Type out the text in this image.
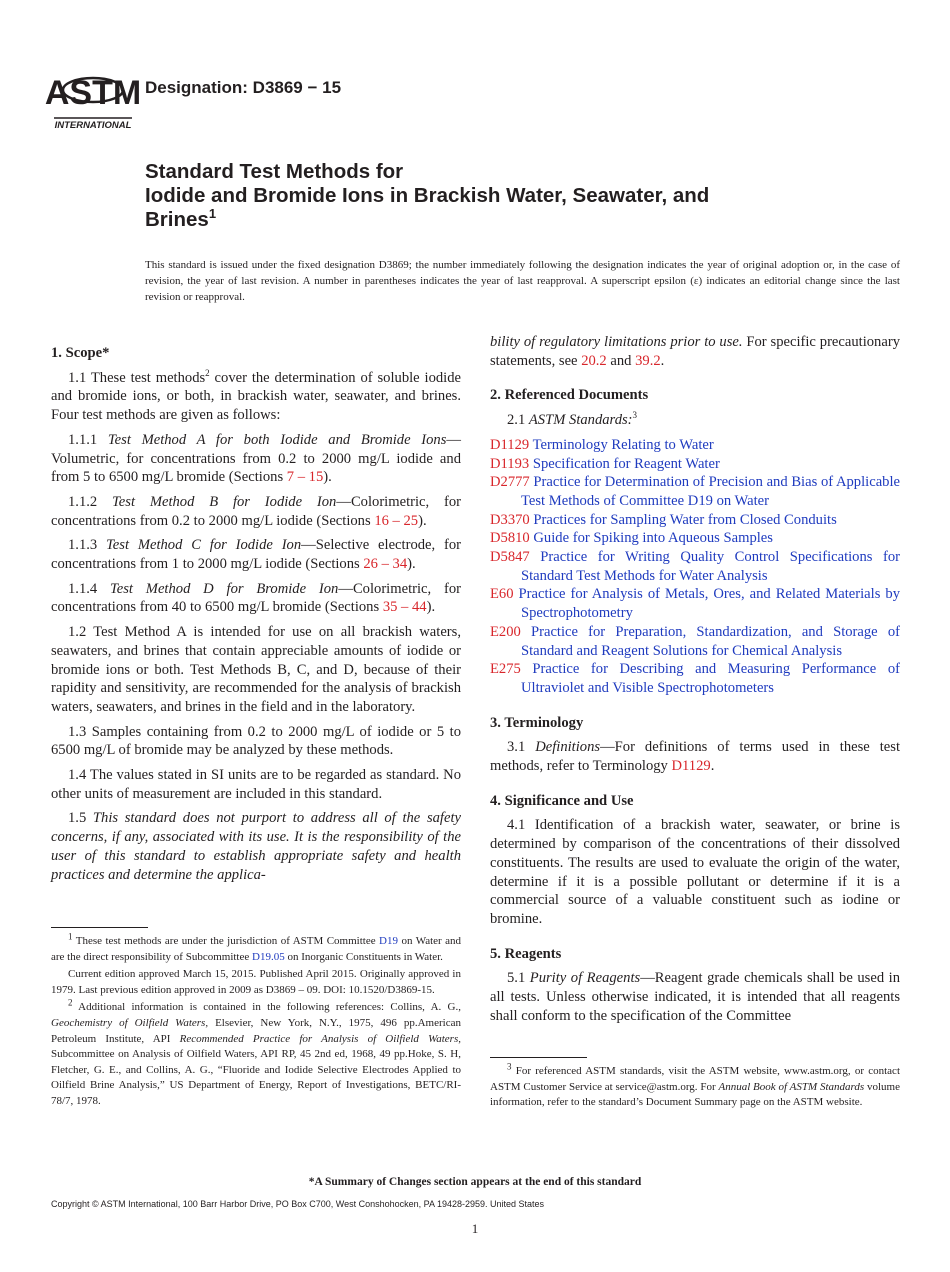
ASTM
INTERNATIONAL
Designation: D3869 − 15
Standard Test Methods for
Iodide and Bromide Ions in Brackish Water, Seawater, and
Brines$^1$
This standard is issued under the fixed designation D3869; the number immediately following the designation indicates the year of original adoption or, in the case of revision, the year of last revision. A number in parentheses indicates the year of last reapproval. A superscript epsilon (ε) indicates an editorial change since the last revision or reapproval.
1. Scope*

1.1 These test methods$^2$ cover the determination of soluble iodide and bromide ions, or both, in brackish water, seawater, and brines. Four test methods are given as follows:

1.1.1 Test Method A for both Iodide and Bromide Ions—Volumetric, for concentrations from 0.2 to 2000 mg/L iodide and from 5 to 6500 mg/L bromide (Sections 7 – 15).

1.1.2 Test Method B for Iodide Ion—Colorimetric, for concentrations from 0.2 to 2000 mg/L iodide (Sections 16 – 25).

1.1.3 Test Method C for Iodide Ion—Selective electrode, for concentrations from 1 to 2000 mg/L iodide (Sections 26 – 34).

1.1.4 Test Method D for Bromide Ion—Colorimetric, for concentrations from 40 to 6500 mg/L bromide (Sections 35 – 44).

1.2 Test Method A is intended for use on all brackish waters, seawaters, and brines that contain appreciable amounts of iodide or bromide ions or both. Test Methods B, C, and D, because of their rapidity and sensitivity, are recommended for the analysis of brackish waters, seawaters, and brines in the field and in the laboratory.

1.3 Samples containing from 0.2 to 2000 mg/L of iodide or 5 to 6500 mg/L of bromide may be analyzed by these methods.

1.4 The values stated in SI units are to be regarded as standard. No other units of measurement are included in this standard.

1.5 This standard does not purport to address all of the safety concerns, if any, associated with its use. It is the responsibility of the user of this standard to establish appropriate safety and health practices and determine the applica-

bility of regulatory limitations prior to use. For specific precautionary statements, see 20.2 and 39.2.

2. Referenced Documents

2.1 ASTM Standards:$^3$

D1129 Terminology Relating to Water
D1193 Specification for Reagent Water
D2777 Practice for Determination of Precision and Bias of Applicable Test Methods of Committee D19 on Water
D3370 Practices for Sampling Water from Closed Conduits
D5810 Guide for Spiking into Aqueous Samples
D5847 Practice for Writing Quality Control Specifications for Standard Test Methods for Water Analysis
E60 Practice for Analysis of Metals, Ores, and Related Materials by Spectrophotometry
E200 Practice for Preparation, Standardization, and Storage of Standard and Reagent Solutions for Chemical Analysis
E275 Practice for Describing and Measuring Performance of Ultraviolet and Visible Spectrophotometers
3. Terminology

3.1 Definitions—For definitions of terms used in these test methods, refer to Terminology D1129.

4. Significance and Use

4.1 Identification of a brackish water, seawater, or brine is determined by comparison of the concentrations of their dissolved constituents. The results are used to evaluate the origin of the water, determine if it is a possible pollutant or determine if it is a commercial source of a valuable constituent such as iodine or bromine.

5. Reagents

5.1 Purity of Reagents—Reagent grade chemicals shall be used in all tests. Unless otherwise indicated, it is intended that all reagents shall conform to the specification of the Committee

$^1$ These test methods are under the jurisdiction of ASTM Committee D19 on Water and are the direct responsibility of Subcommittee D19.05 on Inorganic Constituents in Water.

Current edition approved March 15, 2015. Published April 2015. Originally approved in 1979. Last previous edition approved in 2009 as D3869 – 09. DOI: 10.1520/D3869-15.

$^2$ Additional information is contained in the following references: Collins, A. G., Geochemistry of Oilfield Waters, Elsevier, New York, N.Y., 1975, 496 pp.American Petroleum Institute, API Recommended Practice for Analysis of Oilfield Waters, Subcommittee on Analysis of Oilfield Waters, API RP, 45 2nd ed, 1968, 49 pp.Hoke, S. H, Fletcher, G. E., and Collins, A. G., “Fluoride and Iodide Selective Electrodes Applied to Oilfield Brine Analysis,” US Department of Energy, Report of Investigations, BETC/RI-78/7, 1978.

$^3$ For referenced ASTM standards, visit the ASTM website, www.astm.org, or contact ASTM Customer Service at service@astm.org. For Annual Book of ASTM Standards volume information, refer to the standard’s Document Summary page on the ASTM website.

*A Summary of Changes section appears at the end of this standard
Copyright © ASTM International, 100 Barr Harbor Drive, PO Box C700, West Conshohocken, PA 19428-2959. United States
1
